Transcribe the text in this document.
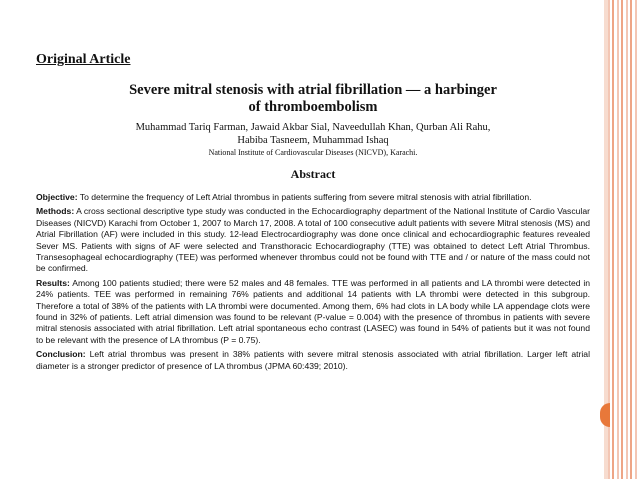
Original Article
Severe mitral stenosis with atrial fibrillation — a harbinger
of thromboembolism
Muhammad Tariq Farman, Jawaid Akbar Sial, Naveedullah Khan, Qurban Ali Rahu,
Habiba Tasneem, Muhammad Ishaq
National Institute of Cardiovascular Diseases (NICVD), Karachi.
Abstract

Objective: To determine the frequency of Left Atrial thrombus in patients suffering from severe mitral stenosis with atrial fibrillation.

Methods: A cross sectional descriptive type study was conducted in the Echocardiography department of the National Institute of Cardio Vascular Diseases (NICVD) Karachi from October 1, 2007 to March 17, 2008. A total of 100 consecutive adult patients with severe Mitral stenosis (MS) and Atrial Fibrillation (AF) were included in this study. 12-lead Electrocardiography was done once clinical and echocardiographic features revealed Sever MS. Patients with signs of AF were selected and Transthoracic Echocardiography (TTE) was obtained to detect Left Atrial Thrombus. Transesophageal echocardiography (TEE) was performed whenever thrombus could not be found with TTE and / or nature of the mass could not be confirmed.

Results: Among 100 patients studied; there were 52 males and 48 females. TTE was performed in all patients and LA thrombi were detected in 24% patients. TEE was performed in remaining 76% patients and additional 14 patients with LA thrombi were detected in this subgroup. Therefore a total of 38% of the patients with LA thrombi were documented. Among them, 6% had clots in LA body while LA appendage clots were found in 32% of patients. Left atrial dimension was found to be relevant (P-value = 0.004) with the presence of thrombus in patients with severe mitral stenosis associated with atrial fibrillation. Left atrial spontaneous echo contrast (LASEC) was found in 54% of patients but it was not found to be relevant with the presence of LA thrombus (P = 0.75).

Conclusion: Left atrial thrombus was present in 38% patients with severe mitral stenosis associated with atrial fibrillation. Larger left atrial diameter is a stronger predictor of presence of LA thrombus (JPMA 60:439; 2010).
